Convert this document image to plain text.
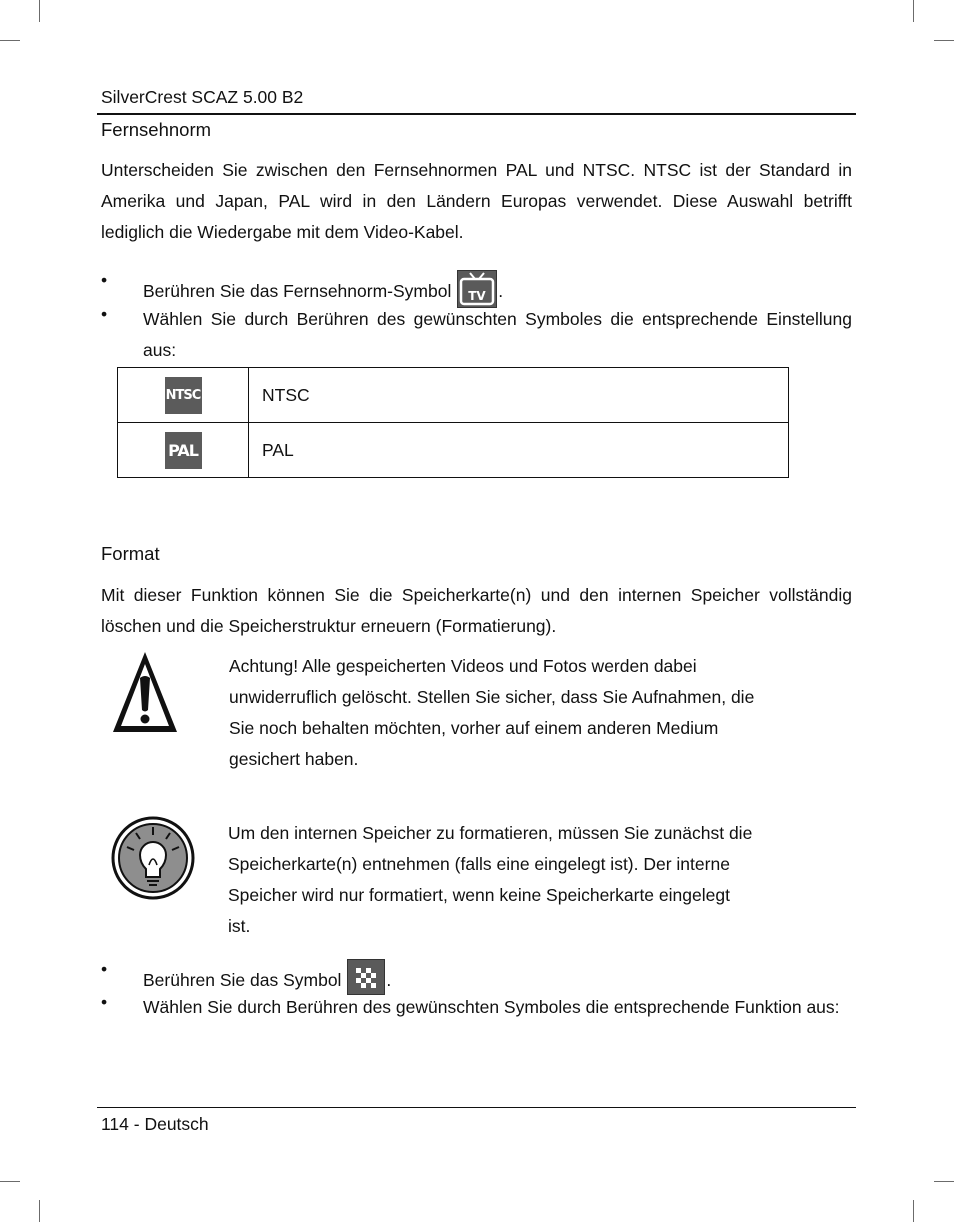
SilverCrest SCAZ 5.00 B2
Fernsehnorm
Unterscheiden Sie zwischen den Fernsehnormen PAL und NTSC. NTSC ist der Standard in Amerika und Japan, PAL wird in den Ländern Europas verwendet. Diese Auswahl betrifft lediglich die Wiedergabe mit dem Video-Kabel.
•
Berühren Sie das Fernsehnorm-Symbol TV .
•	Wählen Sie durch Berühren des gewünschten Symboles die entsprechende Einstellung aus:
NTSC	NTSC
PAL	PAL
Format
Mit dieser Funktion können Sie die Speicherkarte(n) und den internen Speicher vollständig löschen und die Speicherstruktur erneuern (Formatierung).
Achtung! Alle gespeicherten Videos und Fotos werden dabei
unwiderruflich gelöscht. Stellen Sie sicher, dass Sie Aufnahmen, die
Sie noch behalten möchten, vorher auf einem anderen Medium
gesichert haben.
Um den internen Speicher zu formatieren, müssen Sie zunächst die
Speicherkarte(n) entnehmen (falls eine eingelegt ist). Der interne
Speicher wird nur formatiert, wenn keine Speicherkarte eingelegt
ist.
•
Berühren Sie das Symbol	.
•	Wählen Sie durch Berühren des gewünschten Symboles die entsprechende Funktion aus:
114 - Deutsch
